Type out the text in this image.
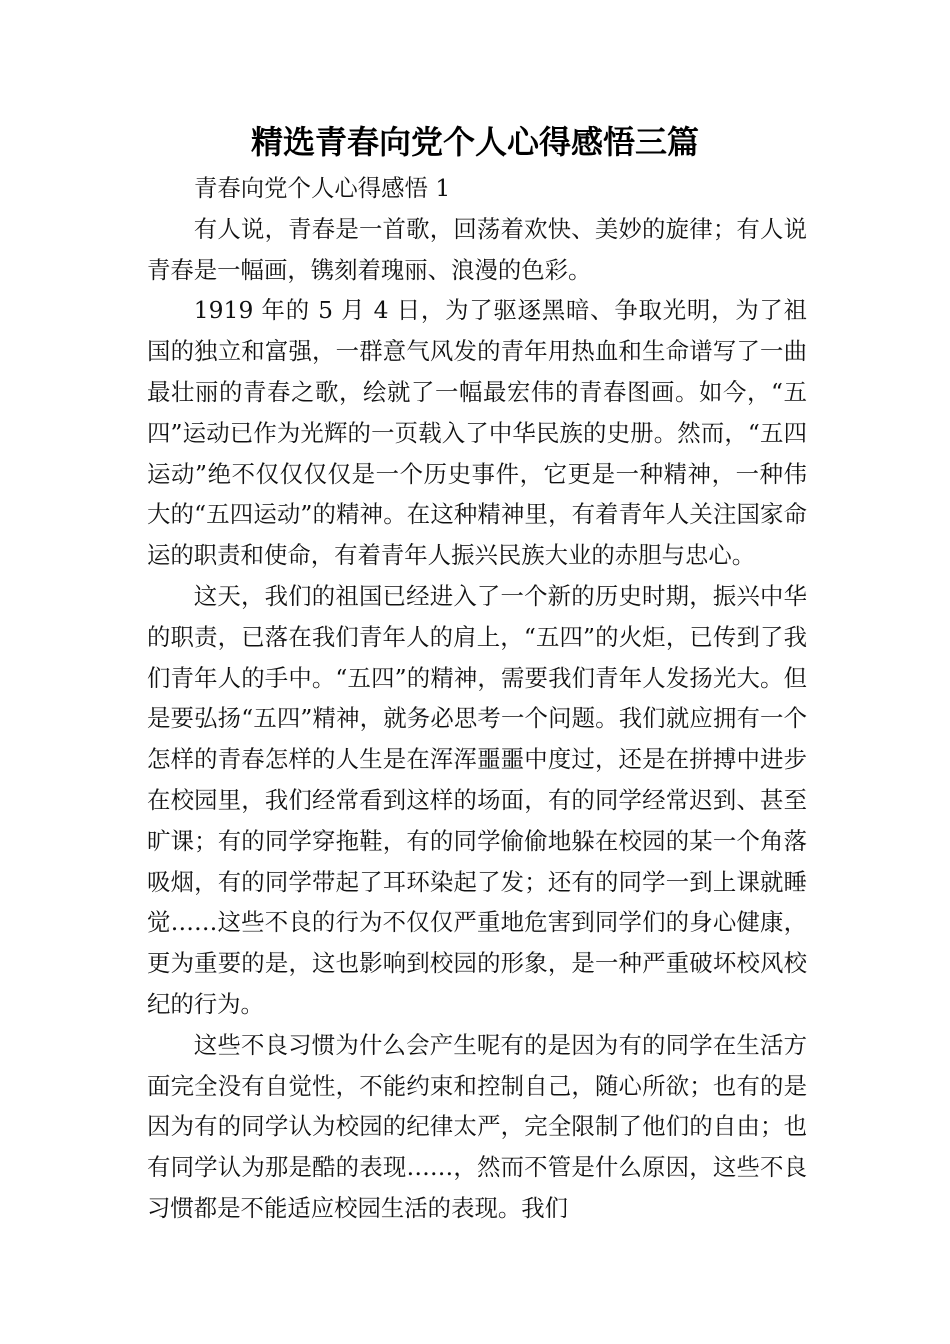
精选青春向党个人心得感悟三篇

青春向党个人心得感悟 1

有人说，青春是一首歌，回荡着欢快、美妙的旋律；有人说青春是一幅画，镌刻着瑰丽、浪漫的色彩。

1919 年的 5 月 4 日，为了驱逐黑暗、争取光明，为了祖国的独立和富强，一群意气风发的青年用热血和生命谱写了一曲最壮丽的青春之歌，绘就了一幅最宏伟的青春图画。如今，“五四”运动已作为光辉的一页载入了中华民族的史册。然而，“五四运动”绝不仅仅仅仅是一个历史事件，它更是一种精神，一种伟大的“五四运动”的精神。在这种精神里，有着青年人关注国家命运的职责和使命，有着青年人振兴民族大业的赤胆与忠心。

这天，我们的祖国已经进入了一个新的历史时期，振兴中华的职责，已落在我们青年人的肩上，“五四”的火炬，已传到了我们青年人的手中。“五四”的精神，需要我们青年人发扬光大。但是要弘扬“五四”精神，就务必思考一个问题。我们就应拥有一个怎样的青春怎样的人生是在浑浑噩噩中度过，还是在拼搏中进步在校园里，我们经常看到这样的场面，有的同学经常迟到、甚至旷课；有的同学穿拖鞋，有的同学偷偷地躲在校园的某一个角落吸烟，有的同学带起了耳环染起了发；还有的同学一到上课就睡觉……这些不良的行为不仅仅严重地危害到同学们的身心健康，更为重要的是，这也影响到校园的形象，是一种严重破坏校风校纪的行为。

这些不良习惯为什么会产生呢有的是因为有的同学在生活方面完全没有自觉性，不能约束和控制自己，随心所欲；也有的是因为有的同学认为校园的纪律太严，完全限制了他们的自由；也有同学认为那是酷的表现……，然而不管是什么原因，这些不良习惯都是不能适应校园生活的表现。我们
